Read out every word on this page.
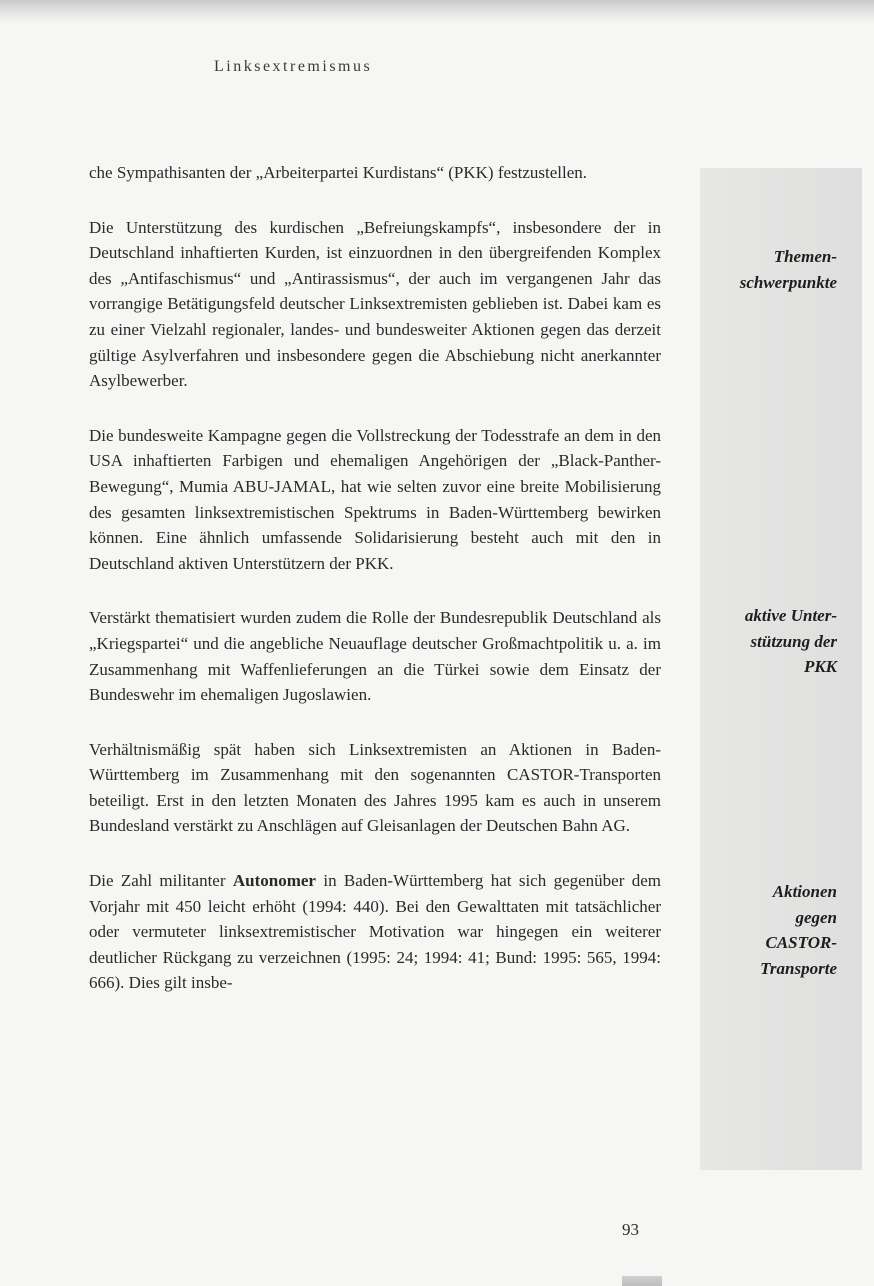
Linksextremismus

che Sympathisanten der „Arbeiterpartei Kurdistans“ (PKK) festzustellen.

Die Unterstützung des kurdischen „Befreiungskampfs“, insbesondere der in Deutschland inhaftierten Kurden, ist einzuordnen in den übergreifenden Komplex des „Antifaschismus“ und „Antirassismus“, der auch im vergangenen Jahr das vorrangige Betätigungsfeld deutscher Linksextremisten geblieben ist. Dabei kam es zu einer Vielzahl regionaler, landes- und bundesweiter Aktionen gegen das derzeit gültige Asylverfahren und insbesondere gegen die Abschiebung nicht anerkannter Asylbewerber.

Die bundesweite Kampagne gegen die Vollstreckung der Todesstrafe an dem in den USA inhaftierten Farbigen und ehemaligen Angehörigen der „Black-Panther-Bewegung“, Mumia ABU-JAMAL, hat wie selten zuvor eine breite Mobilisierung des gesamten linksextremistischen Spektrums in Baden-Württemberg bewirken können. Eine ähnlich umfassende Solidarisierung besteht auch mit den in Deutschland aktiven Unterstützern der PKK.

Verstärkt thematisiert wurden zudem die Rolle der Bundesrepublik Deutschland als „Kriegspartei“ und die angebliche Neuauflage deutscher Großmachtpolitik u. a. im Zusammenhang mit Waffenlieferungen an die Türkei sowie dem Einsatz der Bundeswehr im ehemaligen Jugoslawien.

Verhältnismäßig spät haben sich Linksextremisten an Aktionen in Baden-Württemberg im Zusammenhang mit den sogenannten CASTOR-Transporten beteiligt. Erst in den letzten Monaten des Jahres 1995 kam es auch in unserem Bundesland verstärkt zu Anschlägen auf Gleisanlagen der Deutschen Bahn AG.

Die Zahl militanter Autonomer in Baden-Württemberg hat sich gegenüber dem Vorjahr mit 450 leicht erhöht (1994: 440). Bei den Gewalttaten mit tatsächlicher oder vermuteter linksextremistischer Motivation war hingegen ein weiterer deutlicher Rückgang zu verzeichnen (1995: 24; 1994: 41; Bund: 1995: 565, 1994: 666). Dies gilt insbe-

Themen-
schwerpunkte
aktive Unter-
stützung der
PKK
Aktionen
gegen
CASTOR-
Transporte
93
